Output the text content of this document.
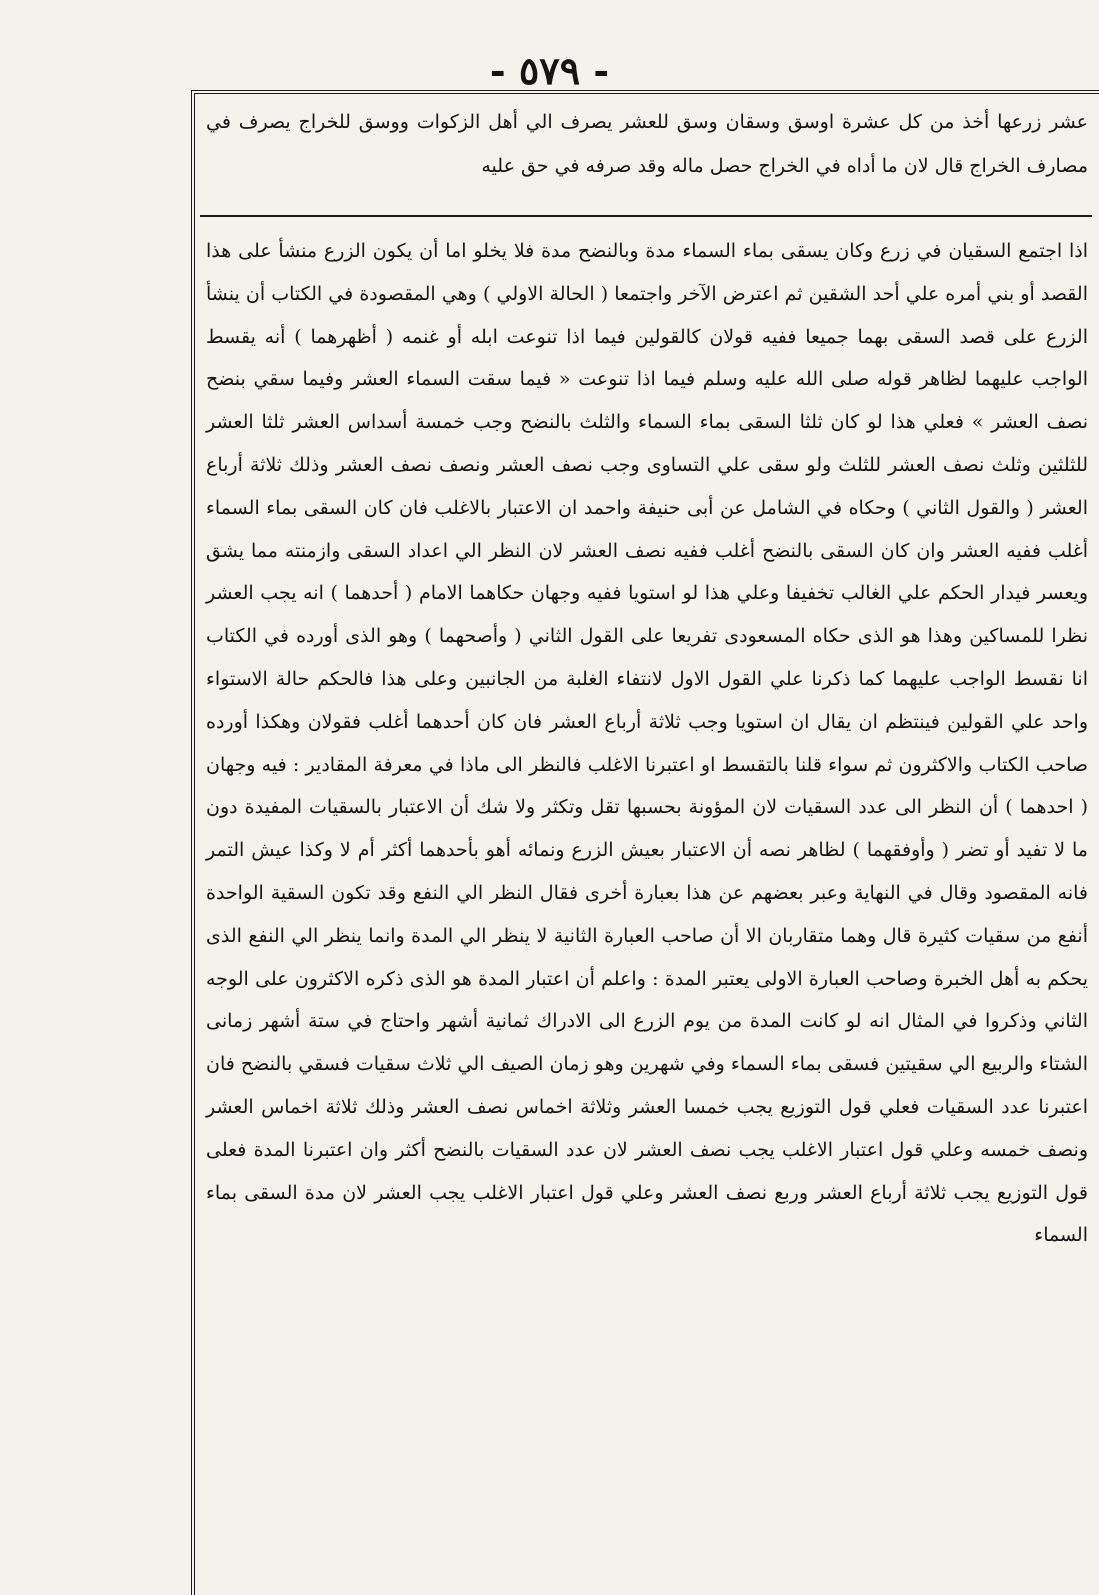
- ٥٧٩ -

عشر زرعها أخذ من كل عشرة اوسق وسقان وسق للعشر يصرف الي أهل الزكوات ووسق للخراج يصرف في مصارف الخراج قال لان ما أداه في الخراج حصل ماله وقد صرفه في حق عليه

اذا اجتمع السقيان في زرع وكان يسقى بماء السماء مدة وبالنضح مدة فلا يخلو اما أن يكون الزرع منشأ على هذا القصد أو بني أمره علي أحد الشقين ثم اعترض الآخر واجتمعا ( الحالة الاولي ) وهي المقصودة في الكتاب أن ينشأ الزرع على قصد السقى بهما جميعا ففيه قولان كالقولين فيما اذا تنوعت ابله أو غنمه ( أظهرهما ) أنه يقسط الواجب عليهما لظاهر قوله صلى الله عليه وسلم فيما اذا تنوعت « فيما سقت السماء العشر وفيما سقي بنضح نصف العشر » فعلي هذا لو كان ثلثا السقى بماء السماء والثلث بالنضح وجب خمسة أسداس العشر ثلثا العشر للثلثين وثلث نصف العشر للثلث ولو سقى علي التساوى وجب نصف العشر ونصف نصف العشر وذلك ثلاثة أرباع العشر ( والقول الثاني ) وحكاه في الشامل عن أبى حنيفة واحمد ان الاعتبار بالاغلب فان كان السقى بماء السماء أغلب ففيه العشر وان كان السقى بالنضح أغلب ففيه نصف العشر لان النظر الي اعداد السقى وازمنته مما يشق ويعسر فيدار الحكم علي الغالب تخفيفا وعلي هذا لو استويا ففيه وجهان حكاهما الامام ( أحدهما ) انه يجب العشر نظرا للمساكين وهذا هو الذى حكاه المسعودى تفريعا على القول الثاني ( وأصحهما ) وهو الذى أورده في الكتاب انا نقسط الواجب عليهما كما ذكرنا علي القول الاول لانتفاء الغلبة من الجانبين وعلى هذا فالحكم حالة الاستواء واحد علي القولين فينتظم ان يقال ان استويا وجب ثلاثة أرباع العشر فان كان أحدهما أغلب فقولان وهكذا أورده صاحب الكتاب والاكثرون ثم سواء قلنا بالتقسط او اعتبرنا الاغلب فالنظر الى ماذا في معرفة المقادير : فيه وجهان ( احدهما ) أن النظر الى عدد السقيات لان المؤونة بحسبها تقل وتكثر ولا شك أن الاعتبار بالسقيات المفيدة دون ما لا تفيد أو تضر ( وأوفقهما ) لظاهر نصه أن الاعتبار بعيش الزرع ونمائه أهو بأحدهما أكثر أم لا وكذا عيش التمر فانه المقصود وقال في النهاية وعبر بعضهم عن هذا بعبارة أخرى فقال النظر الي النفع وقد تكون السقية الواحدة أنفع من سقيات كثيرة قال وهما متقاربان الا أن صاحب العبارة الثانية لا ينظر الي المدة وانما ينظر الي النفع الذى يحكم به أهل الخبرة وصاحب العبارة الاولى يعتبر المدة : واعلم أن اعتبار المدة هو الذى ذكره الاكثرون على الوجه الثاني وذكروا في المثال انه لو كانت المدة من يوم الزرع الى الادراك ثمانية أشهر واحتاج في ستة أشهر زمانى الشتاء والربيع الي سقيتين فسقى بماء السماء وفي شهرين وهو زمان الصيف الي ثلاث سقيات فسقي بالنضح فان اعتبرنا عدد السقيات فعلي قول التوزيع يجب خمسا العشر وثلاثة اخماس نصف العشر وذلك ثلاثة اخماس العشر ونصف خمسه وعلي قول اعتبار الاغلب يجب نصف العشر لان عدد السقيات بالنضح أكثر وان اعتبرنا المدة فعلى قول التوزيع يجب ثلاثة أرباع العشر وربع نصف العشر وعلي قول اعتبار الاغلب يجب العشر لان مدة السقى بماء السماء
